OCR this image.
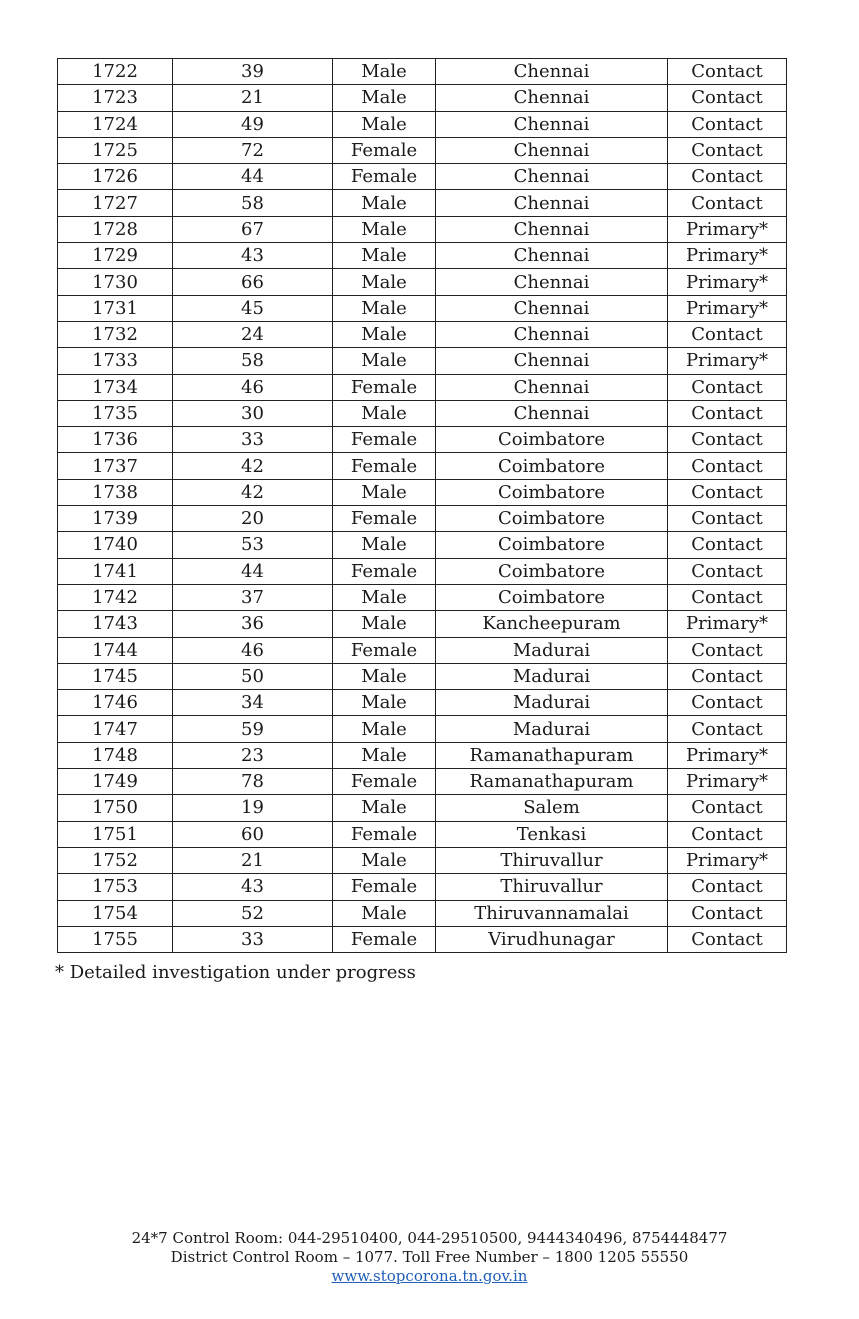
1722	39	Male	Chennai	Contact
1723	21	Male	Chennai	Contact
1724	49	Male	Chennai	Contact
1725	72	Female	Chennai	Contact
1726	44	Female	Chennai	Contact
1727	58	Male	Chennai	Contact
1728	67	Male	Chennai	Primary*
1729	43	Male	Chennai	Primary*
1730	66	Male	Chennai	Primary*
1731	45	Male	Chennai	Primary*
1732	24	Male	Chennai	Contact
1733	58	Male	Chennai	Primary*
1734	46	Female	Chennai	Contact
1735	30	Male	Chennai	Contact
1736	33	Female	Coimbatore	Contact
1737	42	Female	Coimbatore	Contact
1738	42	Male	Coimbatore	Contact
1739	20	Female	Coimbatore	Contact
1740	53	Male	Coimbatore	Contact
1741	44	Female	Coimbatore	Contact
1742	37	Male	Coimbatore	Contact
1743	36	Male	Kancheepuram	Primary*
1744	46	Female	Madurai	Contact
1745	50	Male	Madurai	Contact
1746	34	Male	Madurai	Contact
1747	59	Male	Madurai	Contact
1748	23	Male	Ramanathapuram	Primary*
1749	78	Female	Ramanathapuram	Primary*
1750	19	Male	Salem	Contact
1751	60	Female	Tenkasi	Contact
1752	21	Male	Thiruvallur	Primary*
1753	43	Female	Thiruvallur	Contact
1754	52	Male	Thiruvannamalai	Contact
1755	33	Female	Virudhunagar	Contact
* Detailed investigation under progress
24*7 Control Room: 044-29510400, 044-29510500, 9444340496, 8754448477
District Control Room – 1077. Toll Free Number – 1800 1205 55550
www.stopcorona.tn.gov.in
